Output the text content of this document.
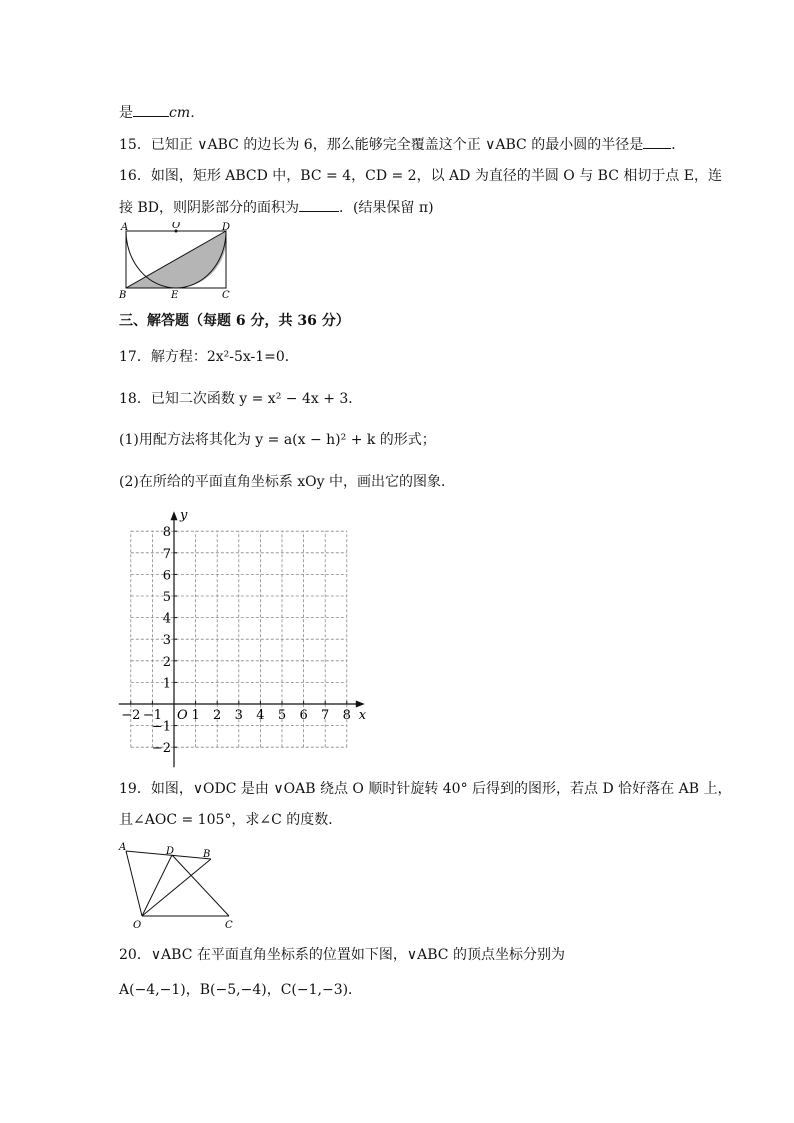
是	cm．
15．已知正 ∨ABC 的边长为 6，那么能够完全覆盖这个正 ∨ABC 的最小圆的半径是 ．
16．如图，矩形 ABCD 中，BC = 4，CD = 2，以 AD 为直径的半圆 O 与 BC 相切于点 E，连
接 BD，则阴影部分的面积为	．(结果保留 π)
A	O	D
B	E	C
三、解答题（每题 6 分，共 36 分）
17．解方程：2x²-5x-1=0．
18．已知二次函数 y = x² − 4x + 3．
(1)用配方法将其化为 y = a(x − h)² + k 的形式；
(2)在所给的平面直角坐标系 xOy 中，画出它的图象．
−2 −1 1 2 3 4 5 6 7 8
8
7
6
5
4
3
2
1
−1
−2
O	x
y
19．如图，∨ODC 是由 ∨OAB 绕点 O 顺时针旋转 40° 后得到的图形，若点 D 恰好落在 AB 上，
且∠AOC = 105°，求∠C 的度数．
A	D	B
O	C
20．∨ABC 在平面直角坐标系的位置如下图，∨ABC 的顶点坐标分别为
A(−4,−1)，B(−5,−4)，C(−1,−3)．
